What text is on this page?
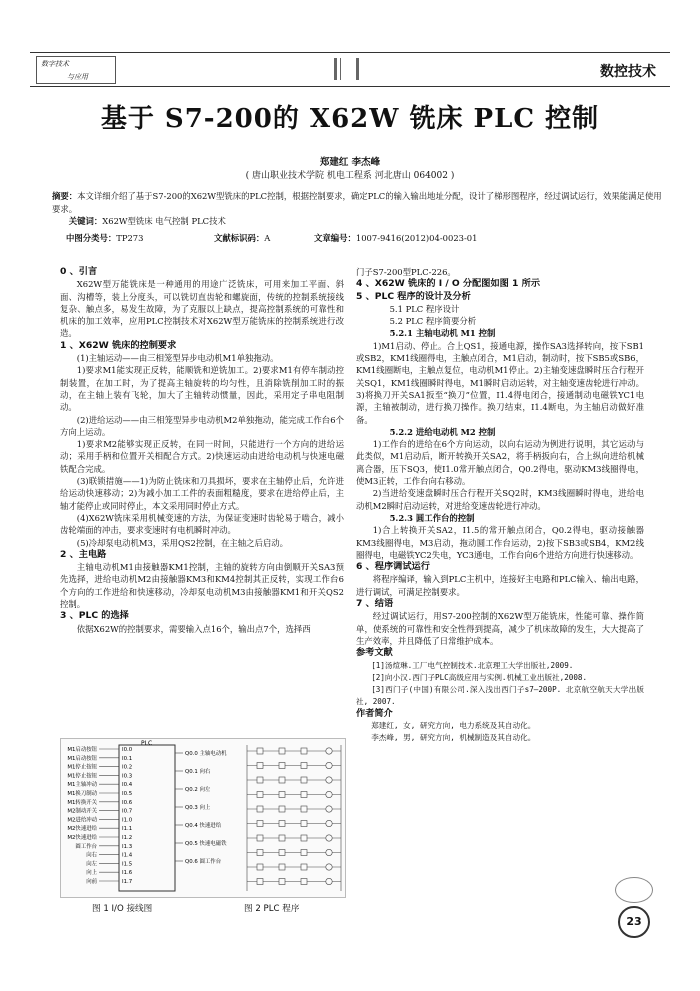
数字技术
与应用	数控技术
基于 S7-200的 X62W 铣床 PLC 控制
郑建红 李杰峰
( 唐山职业技术学院 机电工程系 河北唐山 064002 )
摘要：本文详细介绍了基于S7-200的X62W型铣床的PLC控制，根据控制要求，确定PLC的输入输出地址分配，设计了梯形图程序，经过调试运行，效果能满足使用要求。
关键词：X62W型铣床 电气控制 PLC技术
中图分类号：TP273	文献标识码：A	文章编号：1007-9416(2012)04-0023-01

0 、引言

X62W型万能铣床是一种通用的用途广泛铣床，可用来加工平面、斜面、沟槽等，装上分度头，可以铣切直齿轮和螺旋面，传统的控制系统接线复杂、触点多，易发生故障，为了克服以上缺点，提高控制系统的可靠性和机床的加工效率，应用PLC控制技术对X62W型万能铣床的控制系统进行改造。

1 、X62W 铣床的控制要求

(1)主轴运动——由三相笼型异步电动机M1单独拖动。

1)要求M1能实现正反转，能顺铣和逆铣加工。2)要求M1有停车制动控制装置，在加工时，为了提高主轴旋转的均匀性，且消除铣削加工时的振动，在主轴上装有飞轮，加大了主轴转动惯量，因此，采用定子串电阻制动。

(2)进给运动——由三相笼型异步电动机M2单独拖动，能完成工作台6个方向上运动。

1)要求M2能够实现正反转，在同一时间，只能进行一个方向的进给运动；采用手柄和位置开关相配合方式。2)快速运动由进给电动机与快速电磁铁配合完成。

(3)联锁措施——1)为防止铣床和刀具损坏，要求在主轴停止后，允许进给运动快速移动；2)为减小加工工件的表面粗糙度，要求在进给停止后，主轴才能停止或同时停止，本文采用同时停止方式。

(4)X62W铣床采用机械变速的方法，为保证变速时齿轮易于啮合，减小齿轮端面的冲击，要求变速时有电机瞬时冲动。

(5)冷却泵电动机M3，采用QS2控制，在主轴之后启动。

2 、主电路

主轴电动机M1由接触器KM1控制，主轴的旋转方向由倒顺开关SA3预先选择，进给电动机M2由接触器KM3和KM4控制其正反转，实现工作台6个方向的工作进给和快速移动，冷却泵电动机M3由接触器KM1和开关QS2控制。

3 、PLC 的选择

依据X62W的控制要求，需要输入点16个，输出点7个，选择西

M1启动按钮	I0.0
M1启动按钮	I0.1
M1停止按钮	I0.2
M1停止按钮	I0.3
M1主轴冲动	I0.4
M1换刀制动	I0.5
M1转换开关	I0.6
M2制动开关	I0.7
M2进给冲动	I1.0
M2快速进给	I1.1
M2快速进给	I1.2
圆工作台	I1.3
向右	I1.4
向左	I1.5
向上	I1.6
向前	I1.7
PLC
Q0.0 主轴电动机
Q0.1 向右
Q0.2 向左
Q0.3 向上
Q0.4 快速进给
Q0.5 快速电磁铁
Q0.6 圆工作台
图 1 I/O 接线图	图 2 PLC 程序

门子S7-200型PLC-226。

4 、X62W 铣床的 I / O 分配图如图 1 所示

5 、PLC 程序的设计及分析

5.1 PLC 程序设计

5.2 PLC 程序简要分析

5.2.1 主轴电动机 M1 控制

1)M1启动、停止。合上QS1，接通电源，操作SA3选择转向，按下SB1或SB2，KM1线圈得电，主触点闭合，M1启动，制动时，按下SB5或SB6，KM1线圈断电，主触点复位，电动机M1停止。2)主轴变速盘瞬时压合行程开关SQ1，KM1线圈瞬时得电，M1瞬时启动运转，对主轴变速齿轮进行冲动。3)将换刀开关SA1扳至“换刀”位置，I1.4得电闭合，接通制动电磁铁YC1电源，主轴被制动，进行换刀操作。换刀结束，I1.4断电，为主轴启动做好准备。

5.2.2 进给电动机 M2 控制

1)工作台的进给在6个方向运动，以向右运动为例进行说明，其它运动与此类似，M1启动后，断开转换开关SA2，将手柄扳向右，合上纵向进给机械离合器，压下SQ3，使I1.0常开触点闭合，Q0.2得电，驱动KM3线圈得电，使M3正转，工作台向右移动。

2)当进给变速盘瞬时压合行程开关SQ2时，KM3线圈瞬时得电，进给电动机M2瞬时启动运转，对进给变速齿轮进行冲动。

5.2.3 圆工作台的控制

1)合上转换开关SA2，I1.5的常开触点闭合，Q0.2得电，驱动接触器KM3线圈得电，M3启动，拖动圆工作台运动，2)按下SB3或SB4，KM2线圈得电，电磁铁YC2失电，YC3通电，工作台向6个进给方向进行快速移动。

6 、程序调试运行

将程序编译，输入到PLC主机中，连接好主电路和PLC输入、输出电路，进行调试，可满足控制要求。

7 、结语

经过调试运行，用S7-200控制的X62W型万能铣床，性能可靠、操作简单，使系统的可靠性和安全性得到提高，减少了机床故障的发生，大大提高了生产效率，并且降低了日常维护成本。

参考文献

[1]汤煊琳.工厂电气控制技术.北京理工大学出版社,2009.

[2]向小汉.西门子PLC高级应用与实例.机械工业出版社,2008.

[3]西门子(中国)有限公司.深入浅出西门子s7—200P. 北京航空航天大学出版社, 2007.

作者简介

郑建红, 女, 研究方向, 电力系统及其自动化。

李杰峰, 男, 研究方向, 机械制造及其自动化。

23
